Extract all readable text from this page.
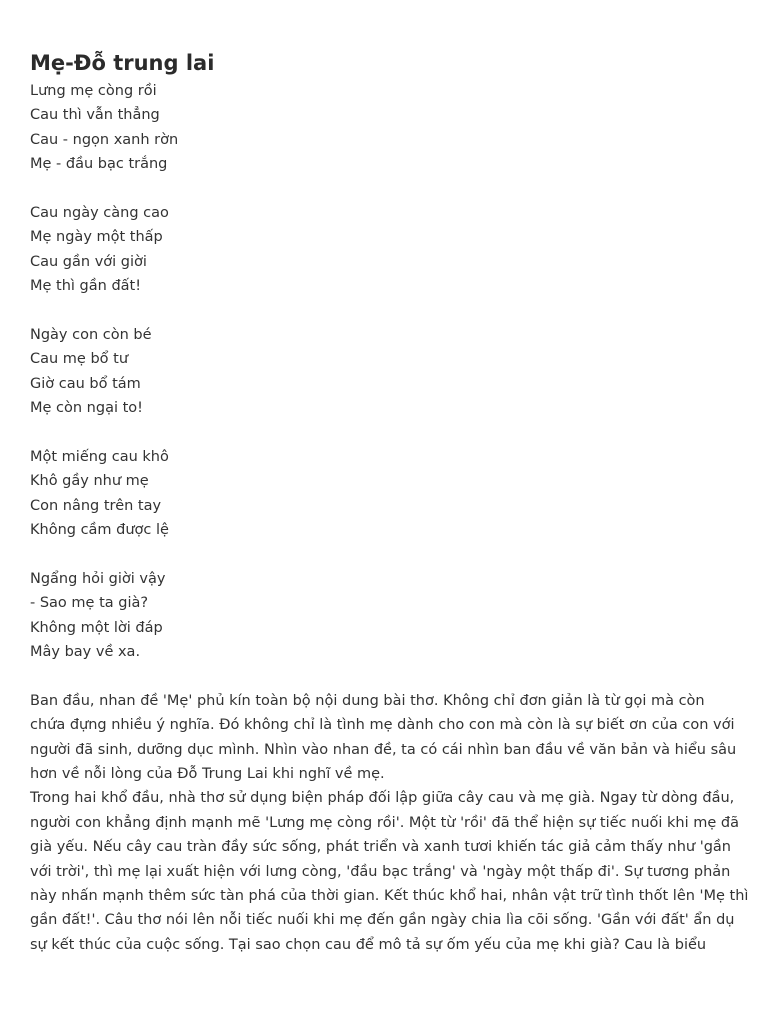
Mẹ-Đỗ trung lai
Lưng mẹ còng rồi
Cau thì vẫn thẳng
Cau - ngọn xanh rờn
Mẹ - đầu bạc trắng
Cau ngày càng cao
Mẹ ngày một thấp
Cau gần với giời
Mẹ thì gần đất!
Ngày con còn bé
Cau mẹ bổ tư
Giờ cau bổ tám
Mẹ còn ngại to!
Một miếng cau khô
Khô gầy như mẹ
Con nâng trên tay
Không cầm được lệ
Ngẩng hỏi giời vậy
- Sao mẹ ta già?
Không một lời đáp
Mây bay về xa.

Ban đầu, nhan đề 'Mẹ' phủ kín toàn bộ nội dung bài thơ. Không chỉ đơn giản là từ gọi mà còn
chứa đựng nhiều ý nghĩa. Đó không chỉ là tình mẹ dành cho con mà còn là sự biết ơn của con với
người đã sinh, dưỡng dục mình. Nhìn vào nhan đề, ta có cái nhìn ban đầu về văn bản và hiểu sâu
hơn về nỗi lòng của Đỗ Trung Lai khi nghĩ về mẹ.

Trong hai khổ đầu, nhà thơ sử dụng biện pháp đối lập giữa cây cau và mẹ già. Ngay từ dòng đầu,
người con khẳng định mạnh mẽ 'Lưng mẹ còng rồi'. Một từ 'rồi' đã thể hiện sự tiếc nuối khi mẹ đã
già yếu. Nếu cây cau tràn đầy sức sống, phát triển và xanh tươi khiến tác giả cảm thấy như 'gần
với trời', thì mẹ lại xuất hiện với lưng còng, 'đầu bạc trắng' và 'ngày một thấp đi'. Sự tương phản
này nhấn mạnh thêm sức tàn phá của thời gian. Kết thúc khổ hai, nhân vật trữ tình thốt lên 'Mẹ thì
gần đất!'. Câu thơ nói lên nỗi tiếc nuối khi mẹ đến gần ngày chia lìa cõi sống. 'Gần với đất' ẩn dụ
sự kết thúc của cuộc sống. Tại sao chọn cau để mô tả sự ốm yếu của mẹ khi già? Cau là biểu
